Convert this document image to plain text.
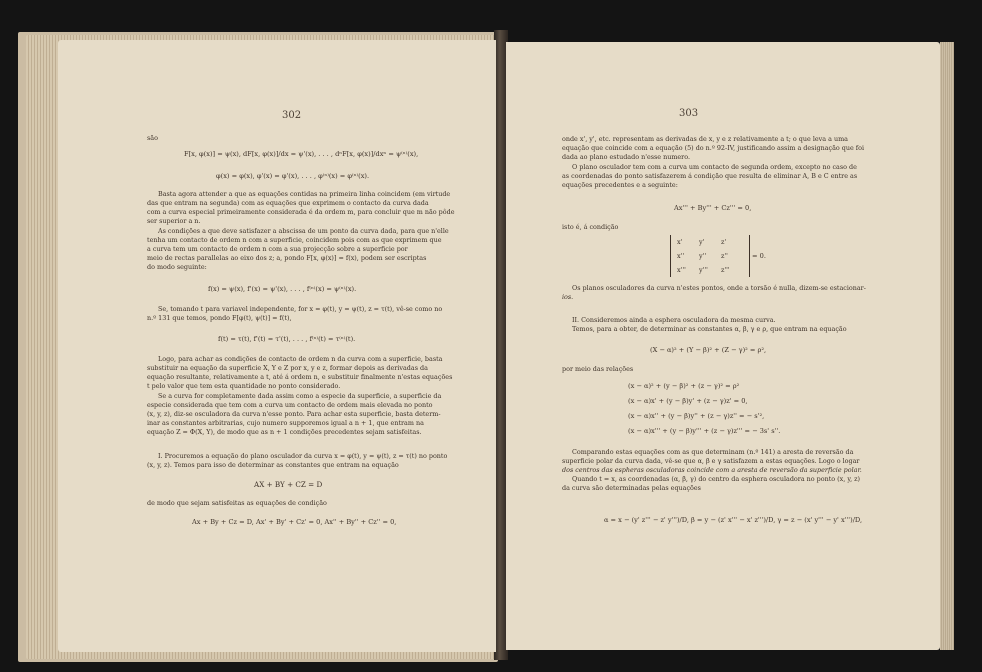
302
são
F[x, φ(x)] = ψ(x), dF[x, φ(x)]/dx = ψ'(x), . . . , dⁿF[x, φ(x)]/dxⁿ = ψ⁽ⁿ⁾(x),
φ(x) = φ(x), φ'(x) = φ'(x), . . . , φ⁽ⁿ⁾(x) = φ⁽ⁿ⁾(x).
Basta agora attender a que as equações contidas na primeira linha coincidem (em virtude
das que entram na segunda) com as equações que exprimem o contacto da curva dada
com a curva especial primeiramente considerada é da ordem m, para concluir que m não pôde
ser superior a n.
As condições a que deve satisfazer a abscissa de um ponto da curva dada, para que n'elle
tenha um contacto de ordem n com a superficie, coincidem pois com as que exprimem que
a curva tem um contacto de ordem n com a sua projecção sobre a superficie por
meio de rectas parallelas ao eixo dos z; a, pondo F[x, φ(x)] = f(x), podem ser escriptas
do modo seguinte:
f(x) = ψ(x), f'(x) = ψ'(x), . . . , f⁽ⁿ⁾(x) = ψ⁽ⁿ⁾(x).
Se, tomando t para variavel independente, for x = φ(t), y = ψ(t), z = τ(t), vê-se como no
n.º 131 que temos, pondo F[φ(t), ψ(t)] = f(t),
f(t) = τ(t), f'(t) = τ'(t), . . . , f⁽ⁿ⁾(t) = τ⁽ⁿ⁾(t).
Logo, para achar as condições de contacto de ordem n da curva com a superficie, basta
substituir na equação da superficie X, Y e Z por x, y e z, formar depois as derivadas da
equação resultante, relativamente a t, até á ordem n, e substituir finalmente n'estas equações
t pelo valor que tem esta quantidade no ponto considerado.
Se a curva for completamente dada assim como a especie da superficie, a superficie da
especie considerada que tem com a curva um contacto de ordem mais elevada no ponto
(x, y, z), diz-se osculadora da curva n'esse ponto. Para achar esta superficie, basta determ-
inar as constantes arbitrarias, cujo numero supporemos igual a n + 1, que entram na
equação Z = Φ(X, Y), de modo que as n + 1 condições precedentes sejam satisfeitas.
I. Procuremos a equação do plano osculador da curva x = φ(t), y = ψ(t), z = τ(t) no ponto
(x, y, z). Temos para isso de determinar as constantes que entram na equação
AX + BY + CZ = D
de modo que sejam satisfeitas as equações de condição
Ax + By + Cz = D, Ax' + By' + Cz' = 0, Ax'' + By'' + Cz'' = 0,
303
onde x', y', etc. representam as derivadas de x, y e z relativamente a t; o que leva a uma
equação que coincide com a equação (5) do n.º 92-IV, justificando assim a designação que foi
dada ao plano estudado n'esse numero.
O plano osculador tem com a curva um contacto de segunda ordem, excepto no caso de
as coordenadas do ponto satisfazerem á condição que resulta de eliminar A, B e C entre as
equações precedentes e a seguinte:
Ax''' + By''' + Cz''' = 0,
isto é, á condição
x'	y'	z'
x'' y'' z''
x''' y''' z'''
= 0.
Os planos osculadores da curva n'estes pontos, onde a torsão é nulla, dizem-se estacionar-
ios.
II. Consideremos ainda a esphera osculadora da mesma curva.
Temos, para a obter, de determinar as constantes α, β, γ e ρ, que entram na equação
(X − α)² + (Y − β)² + (Z − γ)² = ρ²,
por meio das relações
(x − α)² + (y − β)² + (z − γ)² = ρ²
(x − α)x' + (y − β)y' + (z − γ)z' = 0,
(x − α)x'' + (y − β)y'' + (z − γ)z'' = − s'²,
(x − α)x''' + (y − β)y''' + (z − γ)z''' = − 3s' s''.
Comparando estas equações com as que determinam (n.º 141) a aresta de reversão da
superficie polar da curva dada, vê-se que α, β e γ satisfazem a estas equações. Logo o logar
dos centros das espheras osculadoras coincide com a aresta de reversão da superficie polar.
Quando t = x, as coordenadas (α, β, γ) do centro da esphera osculadora no ponto (x, y, z)
da curva são determinadas pelas equações
α = x − (y' z''' − z' y''')/D, β = y − (z' x''' − x' z''')/D, γ = z − (x' y''' − y' x''')/D,
